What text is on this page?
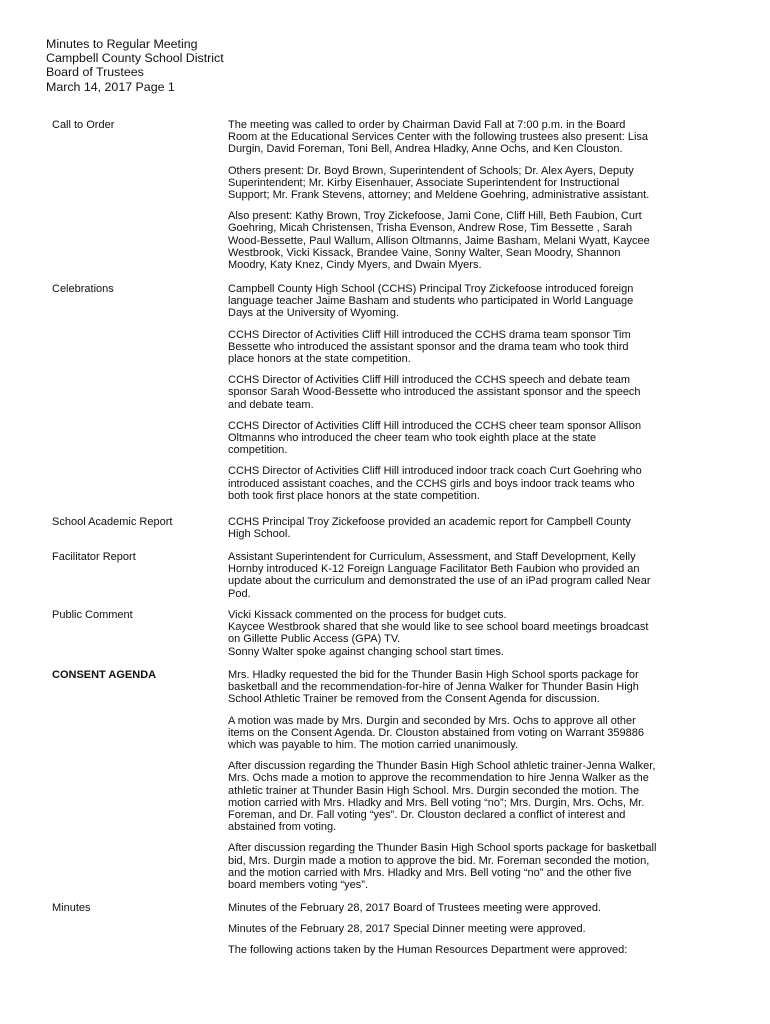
Minutes to Regular Meeting
Campbell County School District
Board of Trustees
March 14, 2017 Page 1
Call to Order	The meeting was called to order by Chairman David Fall at 7:00 p.m. in the Board
Room at the Educational Services Center with the following trustees also present: Lisa
Durgin, David Foreman, Toni Bell, Andrea Hladky, Anne Ochs, and Ken Clouston.
Others present: Dr. Boyd Brown, Superintendent of Schools; Dr. Alex Ayers, Deputy
Superintendent; Mr. Kirby Eisenhauer, Associate Superintendent for Instructional
Support; Mr. Frank Stevens, attorney; and Meldene Goehring, administrative assistant.
Also present: Kathy Brown, Troy Zickefoose, Jami Cone, Cliff Hill, Beth Faubion, Curt
Goehring, Micah Christensen, Trisha Evenson, Andrew Rose, Tim Bessette , Sarah
Wood-Bessette, Paul Wallum, Allison Oltmanns, Jaime Basham, Melani Wyatt, Kaycee
Westbrook, Vicki Kissack, Brandee Vaine, Sonny Walter, Sean Moodry, Shannon
Moodry, Katy Knez, Cindy Myers, and Dwain Myers.
Celebrations	Campbell County High School (CCHS) Principal Troy Zickefoose introduced foreign
language teacher Jaime Basham and students who participated in World Language
Days at the University of Wyoming.
CCHS Director of Activities Cliff Hill introduced the CCHS drama team sponsor Tim
Bessette who introduced the assistant sponsor and the drama team who took third
place honors at the state competition.
CCHS Director of Activities Cliff Hill introduced the CCHS speech and debate team
sponsor Sarah Wood-Bessette who introduced the assistant sponsor and the speech
and debate team.
CCHS Director of Activities Cliff Hill introduced the CCHS cheer team sponsor Allison
Oltmanns who introduced the cheer team who took eighth place at the state
competition.
CCHS Director of Activities Cliff Hill introduced indoor track coach Curt Goehring who
introduced assistant coaches, and the CCHS girls and boys indoor track teams who
both took first place honors at the state competition.
School Academic Report	CCHS Principal Troy Zickefoose provided an academic report for Campbell County
High School.
Facilitator Report	Assistant Superintendent for Curriculum, Assessment, and Staff Development, Kelly
Hornby introduced K-12 Foreign Language Facilitator Beth Faubion who provided an
update about the curriculum and demonstrated the use of an iPad program called Near
Pod.
Public Comment	Vicki Kissack commented on the process for budget cuts.
Kaycee Westbrook shared that she would like to see school board meetings broadcast
on Gillette Public Access (GPA) TV.
Sonny Walter spoke against changing school start times.
CONSENT AGENDA	Mrs. Hladky requested the bid for the Thunder Basin High School sports package for
basketball and the recommendation-for-hire of Jenna Walker for Thunder Basin High
School Athletic Trainer be removed from the Consent Agenda for discussion.
A motion was made by Mrs. Durgin and seconded by Mrs. Ochs to approve all other
items on the Consent Agenda. Dr. Clouston abstained from voting on Warrant 359886
which was payable to him. The motion carried unanimously.
After discussion regarding the Thunder Basin High School athletic trainer-Jenna Walker,
Mrs. Ochs made a motion to approve the recommendation to hire Jenna Walker as the
athletic trainer at Thunder Basin High School. Mrs. Durgin seconded the motion. The
motion carried with Mrs. Hladky and Mrs. Bell voting “no”; Mrs. Durgin, Mrs. Ochs, Mr.
Foreman, and Dr. Fall voting “yes”. Dr. Clouston declared a conflict of interest and
abstained from voting.
After discussion regarding the Thunder Basin High School sports package for basketball
bid, Mrs. Durgin made a motion to approve the bid. Mr. Foreman seconded the motion,
and the motion carried with Mrs. Hladky and Mrs. Bell voting “no” and the other five
board members voting “yes”.
Minutes	Minutes of the February 28, 2017 Board of Trustees meeting were approved.
Minutes of the February 28, 2017 Special Dinner meeting were approved.
The following actions taken by the Human Resources Department were approved:
